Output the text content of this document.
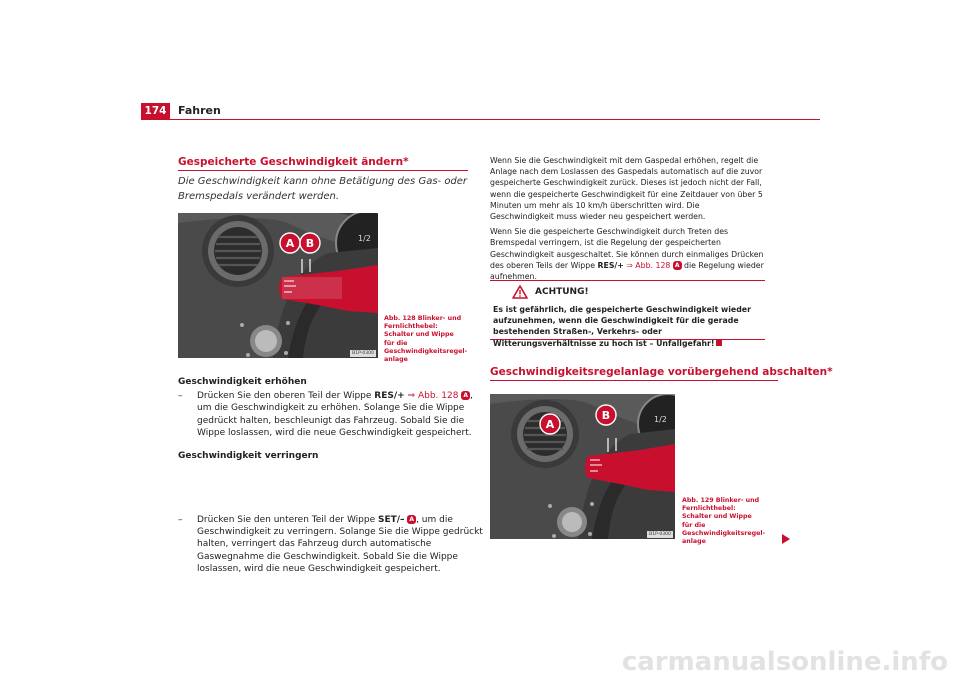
174	Fahren
Gespeicherte Geschwindigkeit ändern*
Die Geschwindigkeit kann ohne Betätigung des Gas- oder Bremspedals verändert werden.
1/2
A B
B1P-0300
Abb. 128 Blinker- und Fernlichthebel: Schalter und Wippe für die Geschwindigkeitsregel-anlage
Geschwindigkeit erhöhen
– Drücken Sie den oberen Teil der Wippe RES/+ ⇒ Abb. 128 A , um die Geschwindigkeit zu erhöhen. Solange Sie die Wippe gedrückt halten, beschleunigt das Fahrzeug. Sobald Sie die Wippe loslassen, wird die neue Geschwindigkeit gespeichert.
Geschwindigkeit verringern
– Drücken Sie den unteren Teil der Wippe SET/– A , um die Geschwindigkeit zu verringern. Solange Sie die Wippe gedrückt halten, verringert das Fahrzeug durch automatische Gaswegnahme die Geschwindigkeit. Sobald Sie die Wippe loslassen, wird die neue Geschwindigkeit gespeichert.

Wenn Sie die Geschwindigkeit mit dem Gaspedal erhöhen, regelt die Anlage nach dem Loslassen des Gaspedals automatisch auf die zuvor gespeicherte Geschwindigkeit zurück. Dieses ist jedoch nicht der Fall, wenn die gespeicherte Geschwindigkeit für eine Zeitdauer von über 5 Minuten um mehr als 10 km/h überschritten wird. Die Geschwindigkeit muss wieder neu gespeichert werden.

Wenn Sie die gespeicherte Geschwindigkeit durch Treten des Bremspedal verringern, ist die Regelung der gespeicherten Geschwindigkeit ausgeschaltet. Sie können durch einmaliges Drücken des oberen Teils der Wippe RES/+ ⇒ Abb. 128 A die Regelung wieder aufnehmen.

ACHTUNG!
Es ist gefährlich, die gespeicherte Geschwindigkeit wieder aufzunehmen, wenn die Geschwindigkeit für die gerade bestehenden Straßen-, Verkehrs- oder Witterungsverhältnisse zu hoch ist – Unfallgefahr!
Geschwindigkeitsregelanlage vorübergehend abschalten*
1/2
A
B
B1P-0300
Abb. 129 Blinker- und Fernlichthebel: Schalter und Wippe für die Geschwindigkeitsregel-anlage
carmanualsonline.info
